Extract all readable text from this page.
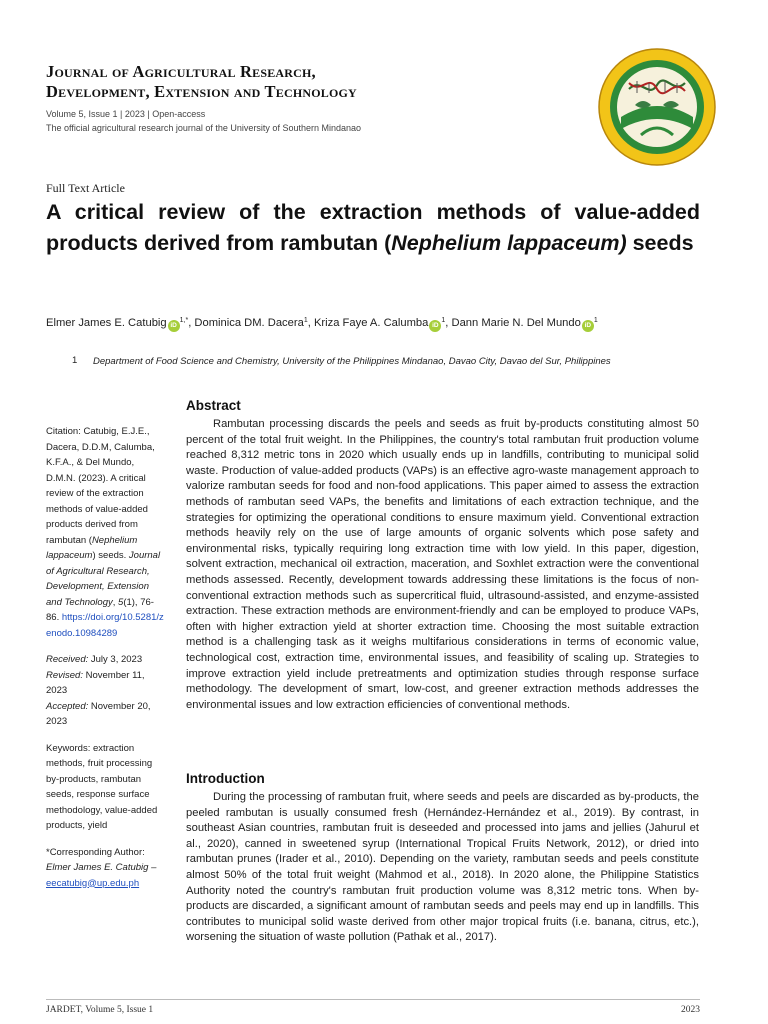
Journal of Agricultural Research,
Development, Extension and Technology
Volume 5, Issue 1 | 2023 | Open-access
The official agricultural research journal of the University of Southern Mindanao
Full Text Article
A critical review of the extraction methods of value-added products derived from rambutan (Nephelium lappaceum) seeds
Elmer James E. Catubig $iD^{1,*}$, Dominica DM. Dacera$^1$, Kriza Faye A. Calumba $iD^1$, Dann Marie N. Del Mundo $iD^1$
1 Department of Food Science and Chemistry, University of the Philippines Mindanao, Davao City, Davao del Sur, Philippines
Citation: Catubig, E.J.E., Dacera, D.D.M, Calumba, K.F.A., & Del Mundo, D.M.N. (2023). A critical review of the extraction methods of value-added products derived from rambutan (Nephelium lappaceum) seeds. Journal of Agricultural Research, Development, Extension and Technology, 5(1), 76-86. https://doi.org/10.5281/zenodo.10984289
Received: July 3, 2023
Revised: November 11, 2023
Accepted: November 20, 2023
Keywords: extraction methods, fruit processing by-products, rambutan seeds, response surface methodology, value-added products, yield
*Corresponding Author: Elmer James E. Catubig – eecatubig@up.edu.ph
Abstract

Rambutan processing discards the peels and seeds as fruit by-products constituting almost 50 percent of the total fruit weight. In the Philippines, the country's total rambutan fruit production volume reached 8,312 metric tons in 2020 which usually ends up in landfills, contributing to municipal solid waste. Production of value-added products (VAPs) is an effective agro-waste management approach to valorize rambutan seeds for food and non-food applications. This paper aimed to assess the extraction methods of rambutan seed VAPs, the benefits and limitations of each extraction technique, and the strategies for optimizing the operational conditions to ensure maximum yield. Conventional extraction methods heavily rely on the use of large amounts of organic solvents which pose safety and environmental risks, typically requiring long extraction time with low yield. In this paper, digestion, solvent extraction, mechanical oil extraction, maceration, and Soxhlet extraction were the conventional methods assessed. Recently, development towards addressing these limitations is the focus of non-conventional extraction methods such as supercritical fluid, ultrasound-assisted, and enzyme-assisted extraction. These extraction methods are environment-friendly and can be employed to produce VAPs, often with higher extraction yield at shorter extraction time. Choosing the most suitable extraction method is a challenging task as it weighs multifarious considerations in terms of economic value, technological cost, extraction time, environmental issues, and feasibility of scaling up. Strategies to improve extraction yield include pretreatments and optimization studies through response surface methodology. The development of smart, low-cost, and greener extraction methods addresses the environmental issues and low extraction efficiencies of conventional methods.

Introduction

During the processing of rambutan fruit, where seeds and peels are discarded as by-products, the peeled rambutan is usually consumed fresh (Hernández-Hernández et al., 2019). By contrast, in southeast Asian countries, rambutan fruit is deseeded and processed into jams and jellies (Jahurul et al., 2020), canned in sweetened syrup (International Tropical Fruits Network, 2012), or dried into rambutan prunes (Irader et al., 2010). Depending on the variety, rambutan seeds and peels constitute almost 50% of the total fruit weight (Mahmod et al., 2018). In 2020 alone, the Philippine Statistics Authority noted the country's rambutan fruit production volume was 8,312 metric tons. When by-products are discarded, a significant amount of rambutan seeds and peels may end up in landfills. This contributes to municipal solid waste derived from other major tropical fruits (i.e. banana, citrus, etc.), worsening the situation of waste pollution (Pathak et al., 2017).

JARDET, Volume 5, Issue 1	2023
